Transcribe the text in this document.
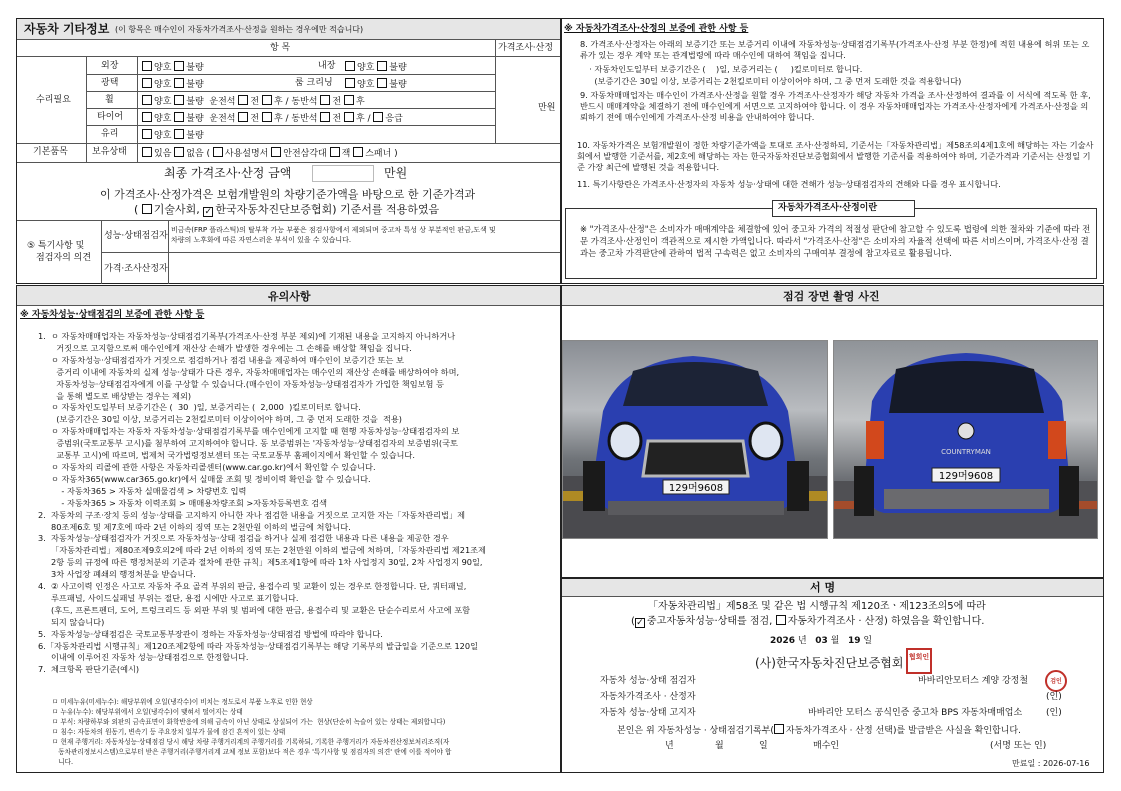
자동차 기타정보 (이 항목은 매수인이 자동차가격조사·산정을 원하는 경우에만 적습니다)
항 목	가격조사·산정
수리필요
만원
외장	양호 불량	내장	양호 불량
광택	양호 불량	룸 크리닝	양호 불량
휠	양호 불량 운전석 전 후 / 동반석 전 후
타이어	양호 불량 운전석 전 후 / 동반석 전 후 / 응급
유리	양호 불량
기본품목	보유상태	있음 없음 ( 사용설명서 안전삼각대 잭 스패너 )
최종 가격조사·산정 금액	만원
이 가격조사·산정가격은 보험개발원의 차량기준가액을 바탕으로 한 기준가격과
( 기술사회, ✓ 한국자동차진단보증협회) 기준서를 적용하였음
⑤ 특기사항 및
점검자의 의견
성능·상태점검자
비금속(FRP 플라스틱)의 탈부착 가능 부품은 점검사항에서 제외되며 중고차 특성 상 부분적인 판금,도색 및
차량의 노후화에 따른 자연스러운 부식이 있을 수 있습니다.
가격·조사산정자
※ 자동차가격조사·산정의 보증에 관한 사항 등
8. 가격조사·산정자는 아래의 보증기간 또는 보증거리 이내에 자동차성능·상태점검기록부(가격조사·산정 부분 한정)에 적힌 내용에 허위 또는 오류가 있는 경우 계약 또는 관계법령에 따라 매수인에 대하여 책임을 집니다.
· 자동차인도일부터 보증기간은 (    )일, 보증거리는 (     )킬로미터로 합니다.
(보증기간은 30일 이상, 보증거리는 2천킬로미터 이상이어야 하며, 그 중 먼저 도래한 것을 적용합니다)
9. 자동차매매업자는 매수인이 가격조사·산정을 원할 경우 가격조사·산정자가 해당 자동차 가격을 조사·산정하여 결과를 이 서식에 적도록 한 후, 반드시 매매계약을 체결하기 전에 매수인에게 서면으로 고지하여야 합니다. 이 경우 자동차매매업자는 가격조사·산정자에게 가격조사·산정을 의뢰하기 전에 매수인에게 가격조사·산정 비용을 안내하여야 합니다.
10. 자동차가격은 보험개발원이 정한 차량기준가액을 토대로 조사·산정하되, 기준서는「자동차관리법」제58조의4제1호에 해당하는 자는 기술사회에서 발행한 기준서를, 제2호에 해당하는 자는 한국자동차진단보증협회에서 발행한 기준서를 적용하여야 하며, 기준가격과 기준서는 산정일 기준 가장 최근에 발행된 것을 적용합니다.
11. 특기사항란은 가격조사·산정자의 자동차 성능·상태에 대한 견해가 성능·상태점검자의 견해와 다를 경우 표시합니다.
자동차가격조사·산정이란
※ "가격조사·산정"은 소비자가 매매계약을 체결함에 있어 중고차 가격의 적절성 판단에 참고할 수 있도록 법령에 의한 절차와 기준에 따라 전문 가격조사·산정인이 객관적으로 제시한 가액입니다. 따라서 "가격조사·산정"은 소비자의 자율적 선택에 따른 서비스이며, 가격조사·산정 결과는 중고차 가격판단에 관하여 법적 구속력은 없고 소비자의 구매여부 결정에 참고자료로 활용됩니다.
유의사항
※ 자동차성능·상태점검의 보증에 관한 사항 등
1.  ㅇ 자동차매매업자는 자동차성능·상태점검기록부(가격조사·산정 부분 제외)에 기재된 내용을 고지하지 아니하거나
거짓으로 고지함으로써 매수인에게 재산상 손해가 발생한 경우에는 그 손해를 배상할 책임을 집니다.
ㅇ 자동차성능·상태점검자가 거짓으로 점검하거나 점검 내용을 제공하여 매수인이 보증기간 또는 보
증거리 이내에 자동차의 실제 성능·상태가 다른 경우, 자동차매매업자는 매수인의 재산상 손해를 배상하여야 하며,
자동차성능·상태점검자에게 이를 구상할 수 있습니다.(매수인이 자동차성능·상태점검자가 가입한 책임보험 등
을 통해 별도로 배상받는 경우는 제외)
ㅇ 자동차인도일부터 보증기간은 (  30  )일, 보증거리는 (  2,000  )킬로미터로 합니다.
(보증기간은 30일 이상, 보증거리는 2천킬로미터 이상이어야 하며, 그 중 먼저 도래한 것을  적용)
ㅇ 자동차매매업자는 자동차 자동차성능·상태점검기록부를 매수인에게 고지할 때 현행 자동차성능·상태점검자의 보
증범위(국토교통부 고시)를 첨부하여 고지하여야 합니다. 동 보증범위는 '자동차성능·상태점검자의 보증범위(국토
교통부 고시)에 따르며, 법제처 국가법령정보센터 또는 국토교통부 홈페이지에서 확인할 수 있습니다.
ㅇ 자동차의 리콜에 관한 사항은 자동차리콜센터(www.car.go.kr)에서 확인할 수 있습니다.
ㅇ 자동차365(www.car365.go.kr)에서 실매물 조회 및 정비이력 확인을 할 수 있습니다.
- 자동차365 > 자동차 실매물검색 > 차량번호 입력
- 자동차365 > 자동차 이력조회 > 매매용차량조회 >자동차등록번호 검색
2.  자동차의 구조·장치 등의 성능·상태를 고지하지 아니한 자나 점검한 내용을 거짓으로 고지한 자는「자동차관리법」제
80조제6호 및 제7호에 따라 2년 이하의 징역 또는 2천만원 이하의 벌금에 처합니다.
3.  자동차성능·상태점검자가 거짓으로 자동차성능·상태 점검을 하거나 실제 점검한 내용과 다른 내용을 제공한 경우
「자동차관리법」제80조제9호의2에 따라 2년 이하의 징역 또는 2천만원 이하의 벌금에 처하며,「자동차관리법 제21조제
2항 등의 규정에 따른 행정처분의 기준과 절차에 관한 규칙」제5조제1항에 따라 1차 사업정지 30일, 2차 사업정지 90일,
3차 사업장 폐쇄의 행정처분을 받습니다.
4.  ② 사고이력 인정은 사고로 자동차 주요 골격 부위의 판금, 용접수리 및 교환이 있는 경우로 한정합니다. 단, 쿼터패널,
루프패널, 사이드실패널 부위는 절단, 용접 시에만 사고로 표기합니다.
(후드, 프론트펜더, 도어, 트렁크리드 등 외판 부위 및 범퍼에 대한 판금, 용접수리 및 교환은 단순수리로서 사고에 포함
되지 않습니다)
5.  자동차성능·상태점검은 국토교통부장관이 정하는 자동차성능·상태점검 방법에 따라야 합니다.
6.「자동차관리법 시행규칙」제120조제2항에 따라 자동차성능·상태점검기록부는 해당 기록부의 발급일을 기준으로 120일
이내에 이루어진 자동차 성능·상태점검으로 한정합니다.
7.  체크항목 판단기준(예시)
ㅁ 미세누유(미세누수): 해당부위에 오일(냉각수)이 비치는 정도로서 부품 노후로 인한 현상
ㅁ 누유(누수): 해당부위에서 오일(냉각수)이 맺혀서 떨어지는 상태
ㅁ 부식: 차량하부와 외판의 금속표면이 화학반응에 의해 금속이 아닌 상태로 상실되어 가는  현상(단순히 녹슬어 있는 상태는 제외합니다)
ㅁ 침수: 자동차의 원동기, 변속기 등 주요장치 일부가 물에 잠긴 흔적이 있는 상태
ㅁ 현재 주행거리: 자동차성능·상태점검 당시 해당 차량 주행거리계의 주행거리를 기록하되, 기록한 주행거리가 자동차전산정보처리조직(자
동차관리정보시스템)으로부터 받은 주행거리(주행거리계 교체 정보 포함)보다 적은 경우 '특기사항 및 점검자의 의견' 란에 이를 적어야 합
니다.
점검 장면 촬영 사진
129머9608
COUNTRYMAN
129머9608
서 명
「자동차관리법」제58조 및 같은 법 시행규칙 제120조ㆍ제123조의5에 따라
(✓ 중고자동차성능·상태를 점검, 자동차가격조사 · 산정) 하였음을 확인합니다.
2026 년 03 월 19 일
(사)한국자동차진단보증협회 협회인
자동차 성능·상태 점검자	바바리안모터스 계양 강정철	검인
자동차가격조사 · 산정자	(인)
자동차 성능·상태 고지자	바바리안 모터스 공식인증 중고차 BPS 자동차매매업소	(인)
본인은 위 자동차성능 · 상태점검기록부( 자동차가격조사 · 산정 선택)를 발급받은 사실을 확인합니다.
년	월	일	매수인	(서명 또는 인)
만료일 : 2026-07-16
